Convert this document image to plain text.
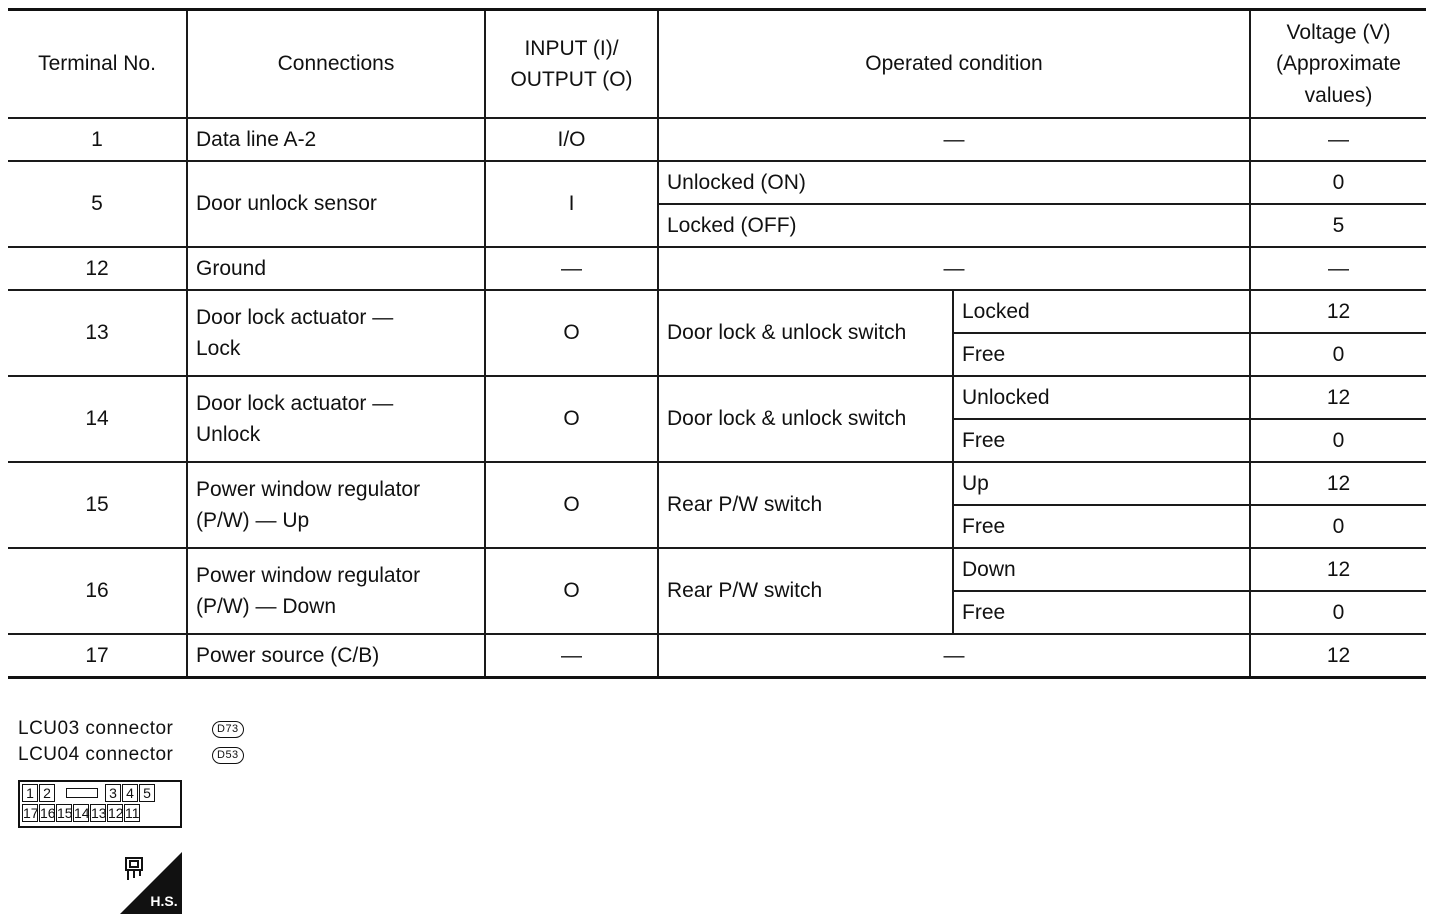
Terminal No.	Connections	INPUT (I)/
OUTPUT (O)	Operated condition		Voltage (V)
(Approximate
values)
1	Data line A-2	I/O	—		—
5	Door unlock sensor	I	Unlocked (ON)		0
			Locked (OFF)		5
12	Ground	—	—		—
13	Door lock actuator —
Lock	O	Door lock & unlock switch	Locked	12
				Free	0
14	Door lock actuator —
Unlock	O	Door lock & unlock switch	Unlocked	12
				Free	0
15	Power window regulator
(P/W) — Up	O	Rear P/W switch	Up	12
				Free	0
16	Power window regulator
(P/W) — Down	O	Rear P/W switch	Down	12
				Free	0
17	Power source (C/B)	—	—		12
LCU03 connector	D73
LCU04 connector	D53
1 2	3 4 5
17 16 15 14 13 12 11
H.S.
